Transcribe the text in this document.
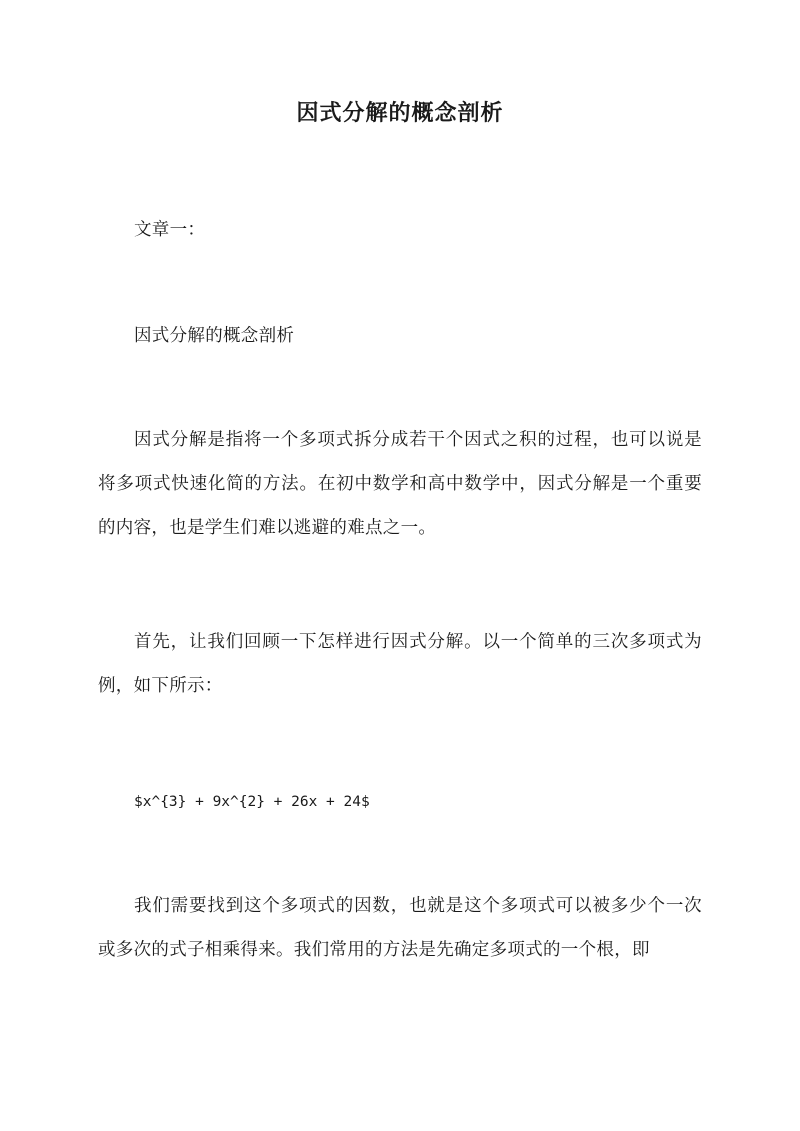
因式分解的概念剖析
文章一：
因式分解的概念剖析
因式分解是指将一个多项式拆分成若干个因式之积的过程，也可以说是将多项式快速化简的方法。在初中数学和高中数学中，因式分解是一个重要的内容，也是学生们难以逃避的难点之一。
首先，让我们回顾一下怎样进行因式分解。以一个简单的三次多项式为例，如下所示：
$x^{3} + 9x^{2} + 26x + 24$
我们需要找到这个多项式的因数，也就是这个多项式可以被多少个一次或多次的式子相乘得来。我们常用的方法是先确定多项式的一个根，即
